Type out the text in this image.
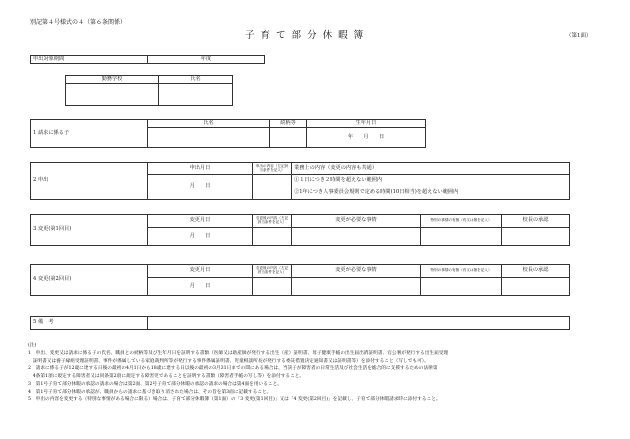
別記第４号様式の４（第６条関係）
子 育 て 部 分 休 暇 簿	（第1面）
申出対象期間	年度
勤務学校	氏名

1 請求に係る子	氏名	続柄等	生年月日
			年　　月　　日
2 申出	申出月日	申出の内容（左記該当条件を記入）	業務上の内容（変更の内容も共通）
	月　　日		①１日につき２時間を超えない範囲内
			②1年につき人事委員会規則で定める時間(10日相当)を超えない範囲内
3 変更(第1回目)	変更月日	変更後の内容（左記該当条件を記入）	変更が必要な事情	特別の事情の有無（有又は無を記入）	校長の承認
	月　　日				
4 変更(第2回目)	変更月日	変更後の内容（左記該当条件を記入）	変更が必要な事情	特別の事情の有無（有又は無を記入）	校長の承認
	月　　日				
5 備　考	
(注)
1　申出、変更又は請求に係る子の氏名、職員との続柄等及び生年月日を証明する書類（医師又は助産師が発行する出生（産）証明書、母子健康手帳の出生届出済証明書、官公署が発行する出生届受理
　証明書又は養子縁組受理証明書、事件が係属している家庭裁判所等が発行する事件係属証明書、児童相談所長が発行する委託措置決定通知書又は証明書等）を添付すること（写しでも可）。
2　請求に係る子が12歳に達する日後の最初の4月1日から18歳に達する日以後の最初の3月31日までの間にある場合は、当該子が障害者の日常生活及び社会生活を総合的に支援するための法律第
　4条第1項に規定する障害者又は同条第2項に規定する障害児であることを証明する書類（障害者手帳の写し等）を添付すること。
3　第1号子育て部分休暇の承認の請求の場合は第2面、第2号子育て部分休暇の承認の請求の場合は第4面を用いること。
4　第1号子育て部分休暇の承認が、職員からの請求に基づき取り消された場合は、その旨を第3面に記載すること。
5　申出の内容を変更する（特別な事情がある場合に限る）場合は、子育て部分休暇簿（第1面）の「3 変更(第1回目)」又は「4 変更(第2回目)」を記載し、子育て部分休暇請求時に添付すること。
